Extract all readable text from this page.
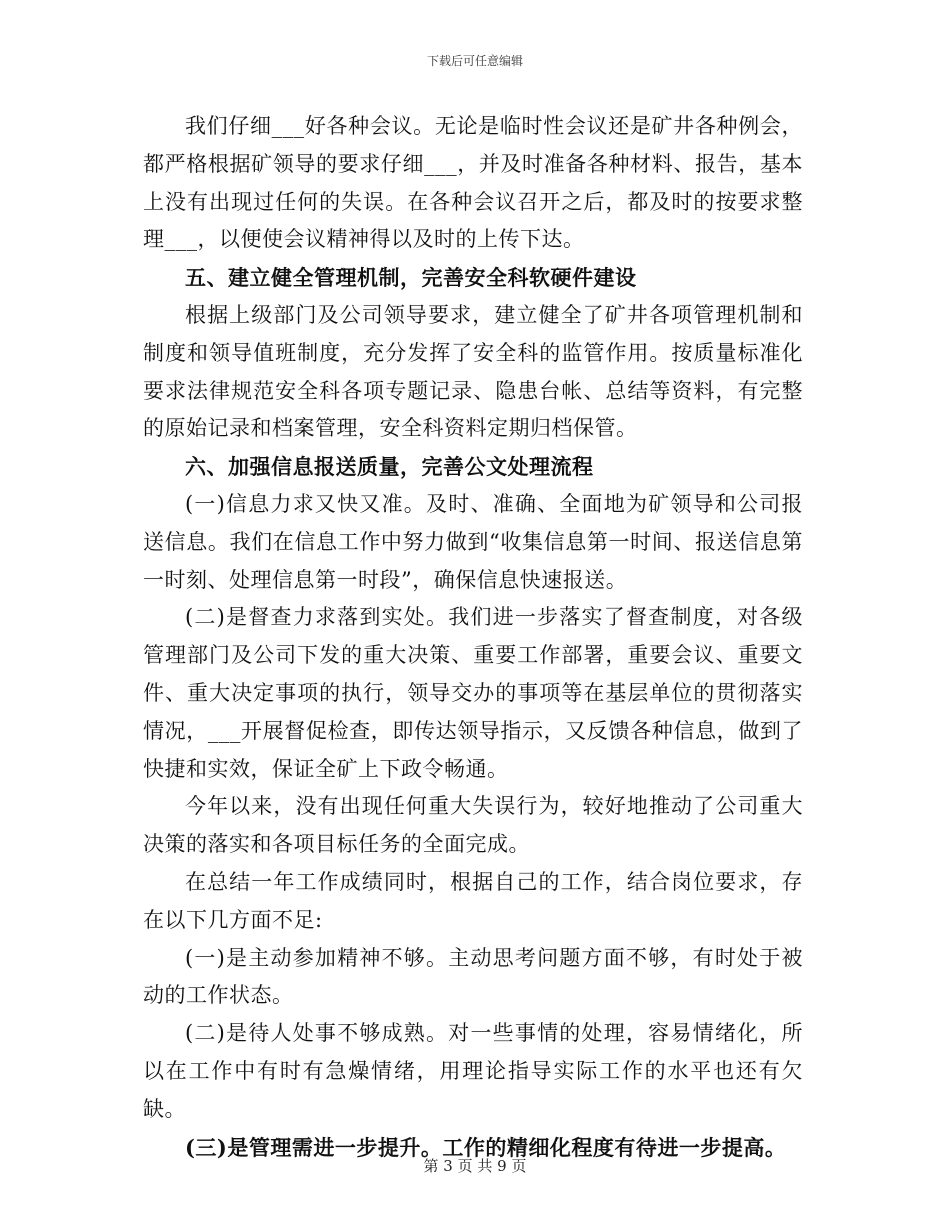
下载后可任意编辑

我们仔细___好各种会议。无论是临时性会议还是矿井各种例会，都严格根据矿领导的要求仔细___，并及时准备各种材料、报告，基本上没有出现过任何的失误。在各种会议召开之后，都及时的按要求整理___，以便使会议精神得以及时的上传下达。

五、建立健全管理机制，完善安全科软硬件建设

根据上级部门及公司领导要求，建立健全了矿井各项管理机制和制度和领导值班制度，充分发挥了安全科的监管作用。按质量标准化要求法律规范安全科各项专题记录、隐患台帐、总结等资料，有完整的原始记录和档案管理，安全科资料定期归档保管。

六、加强信息报送质量，完善公文处理流程

(一)信息力求又快又准。及时、准确、全面地为矿领导和公司报送信息。我们在信息工作中努力做到“收集信息第一时间、报送信息第一时刻、处理信息第一时段”，确保信息快速报送。

(二)是督查力求落到实处。我们进一步落实了督查制度，对各级管理部门及公司下发的重大决策、重要工作部署，重要会议、重要文件、重大决定事项的执行，领导交办的事项等在基层单位的贯彻落实情况，___开展督促检查，即传达领导指示，又反馈各种信息，做到了快捷和实效，保证全矿上下政令畅通。

今年以来，没有出现任何重大失误行为，较好地推动了公司重大决策的落实和各项目标任务的全面完成。

在总结一年工作成绩同时，根据自己的工作，结合岗位要求，存在以下几方面不足:

(一)是主动参加精神不够。主动思考问题方面不够，有时处于被动的工作状态。

(二)是待人处事不够成熟。对一些事情的处理，容易情绪化，所以在工作中有时有急燥情绪，用理论指导实际工作的水平也还有欠缺。

(三)是管理需进一步提升。工作的精细化程度有待进一步提高。

第 3 页 共 9 页
